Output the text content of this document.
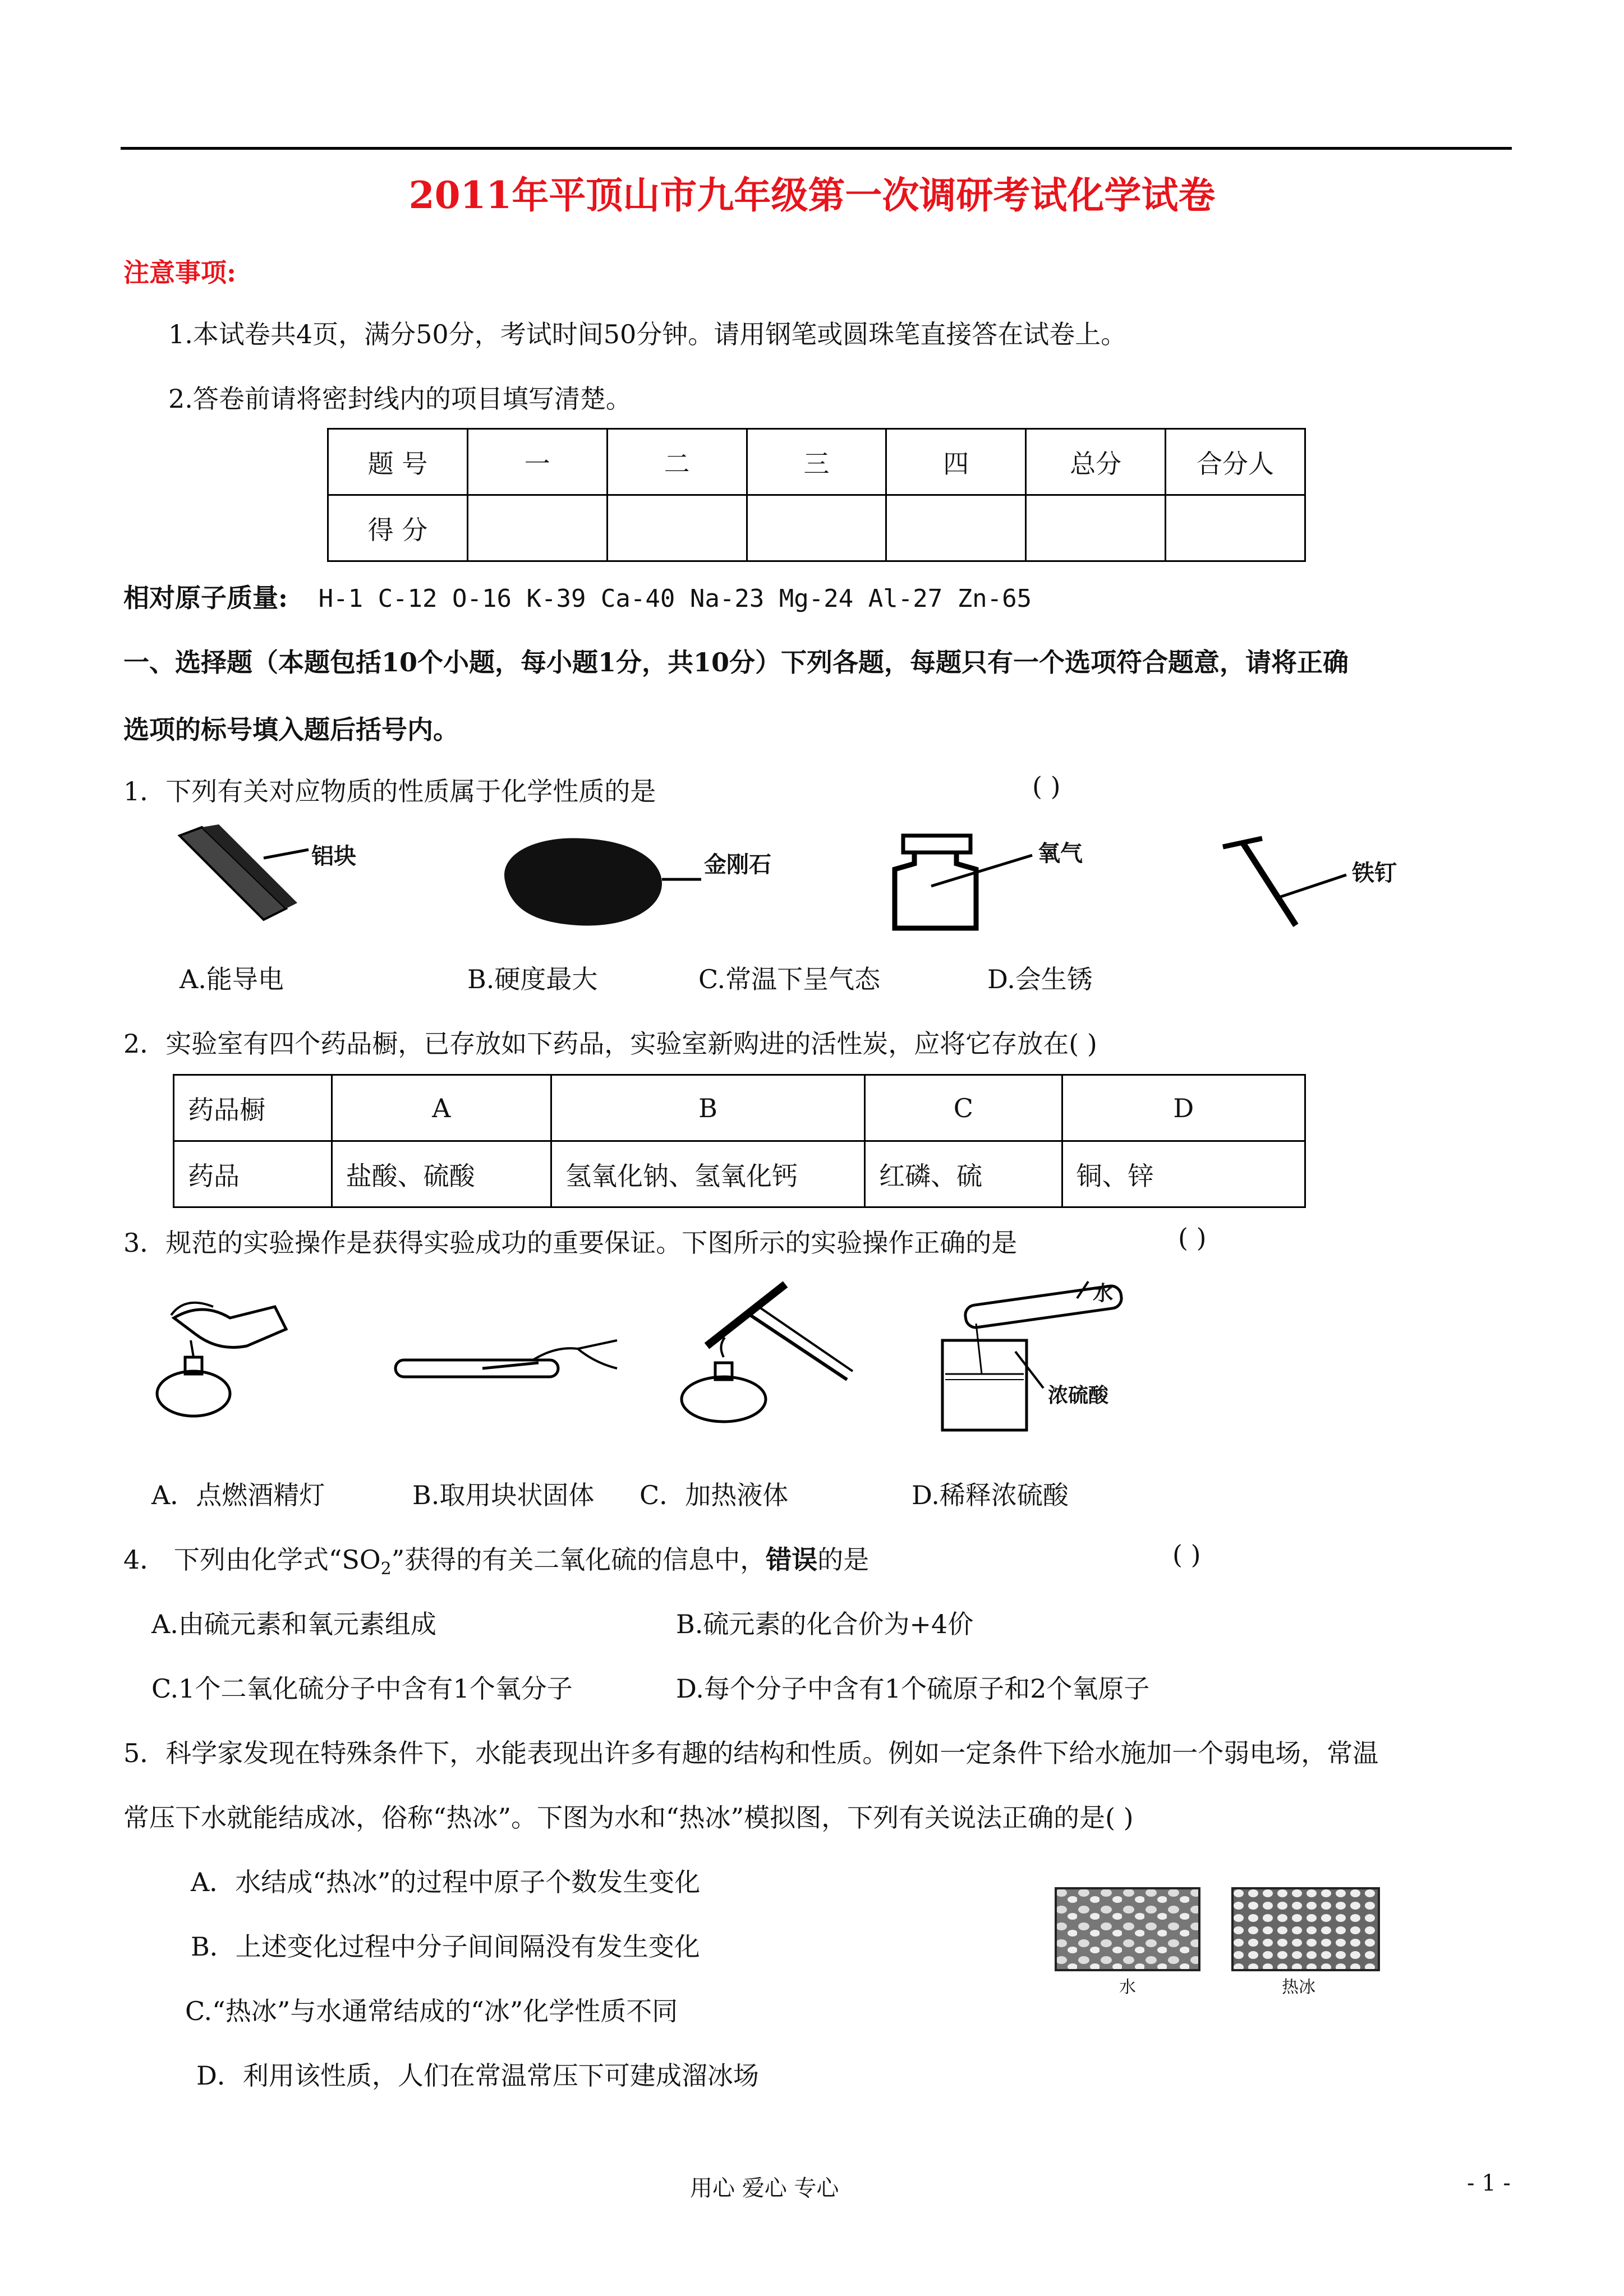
2011年平顶山市九年级第一次调研考试化学试卷
注意事项:
1.本试卷共4页，满分50分，考试时间50分钟。请用钢笔或圆珠笔直接答在试卷上。
2.答卷前请将密封线内的项目填写清楚。
题 号	一	二	三	四	总分	合分人
得 分						
相对原子质量: H-1 C-12 O-16 K-39 Ca-40 Na-23 Mg-24 Al-27 Zn-65
一、选择题（本题包括10个小题，每小题1分，共10分）下列各题，每题只有一个选项符合题意，请将正确
选项的标号填入题后括号内。
1．下列有关对应物质的性质属于化学性质的是	( )
铝块	金刚石	氧气
铁钉
A.能导电	B.硬度最大	C.常温下呈气态	D.会生锈
2．实验室有四个药品橱，已存放如下药品，实验室新购进的活性炭，应将它存放在( )
药品橱	A	B	C	D
药品	盐酸、硫酸	氢氧化钠、氢氧化钙	红磷、硫	铜、锌
3．规范的实验操作是获得实验成功的重要保证。下图所示的实验操作正确的是	( )
水
浓硫酸
A．点燃酒精灯	B.取用块状固体 C．加热液体	D.稀释浓硫酸
4． 下列由化学式“$SO_2$”获得的有关二氧化硫的信息中，错误的是	( )
A.由硫元素和氧元素组成	B.硫元素的化合价为+4价
C.1个二氧化硫分子中含有1个氧分子	D.每个分子中含有1个硫原子和2个氧原子
5．科学家发现在特殊条件下，水能表现出许多有趣的结构和性质。例如一定条件下给水施加一个弱电场，常温
常压下水就能结成冰，俗称“热冰”。下图为水和“热冰”模拟图，下列有关说法正确的是( )
A．水结成“热冰”的过程中原子个数发生变化
B．上述变化过程中分子间间隔没有发生变化
C.“热冰”与水通常结成的“冰”化学性质不同
D．利用该性质，人们在常温常压下可建成溜冰场
水	热冰
用心 爱心 专心	- 1 -
